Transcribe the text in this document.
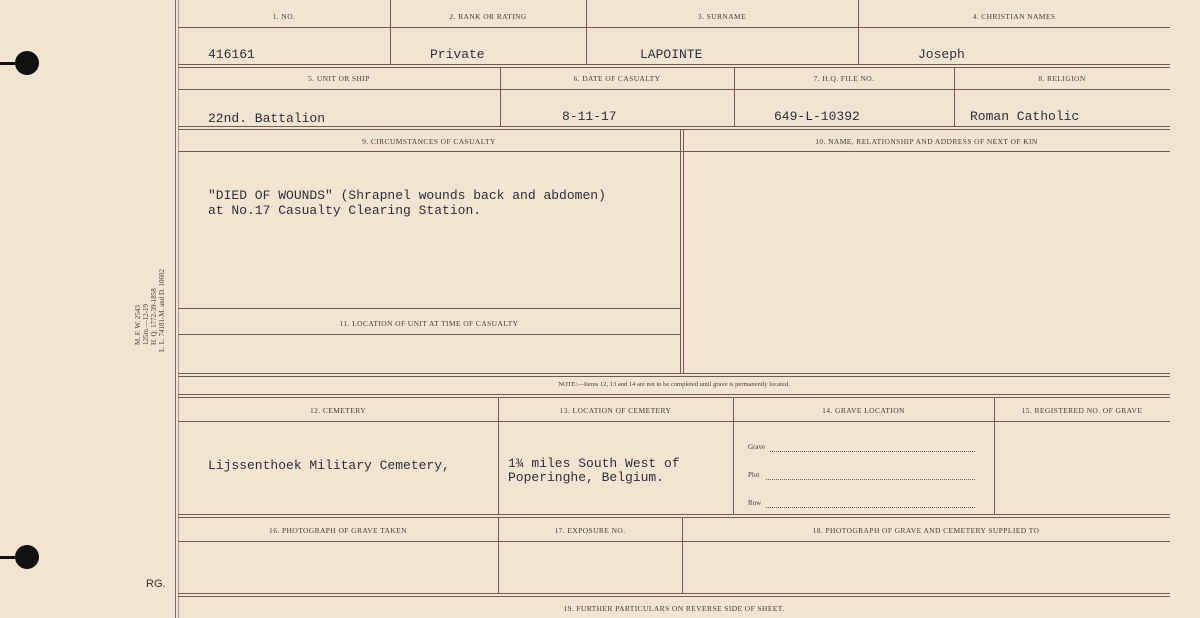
M. F. W. 2543 125m.—12-19 H. Q. 1772-39-1858 L. L. 74181-M. and D. 10602
RG.
1. NO.	2. RANK OR RATING	3. SURNAME	4. CHRISTIAN NAMES
416161	Private	LAPOINTE	Joseph
5. UNIT OR SHIP	6. DATE OF CASUALTY	7. H.Q. FILE NO.	8. RELIGION
22nd. Battalion	8-11-17	649-L-10392	Roman Catholic
9. CIRCUMSTANCES OF CASUALTY	10. NAME, RELATIONSHIP AND ADDRESS OF NEXT OF KIN
"DIED OF WOUNDS" (Shrapnel wounds back and abdomen)
at No.17 Casualty Clearing Station.
11. LOCATION OF UNIT AT TIME OF CASUALTY
NOTE:—Items 12, 13 and 14 are not to be completed until grave is permanently located.
12. CEMETERY	13. LOCATION OF CEMETERY	14. GRAVE LOCATION	15. REGISTERED NO. OF GRAVE
Lijssenthoek Military Cemetery,	1¾ miles South West of
Poperinghe, Belgium.
Grave
Plot
Row
16. PHOTOGRAPH OF GRAVE TAKEN	17. EXPOSURE NO.	18. PHOTOGRAPH OF GRAVE AND CEMETERY SUPPLIED TO
19. FURTHER PARTICULARS ON REVERSE SIDE OF SHEET.
